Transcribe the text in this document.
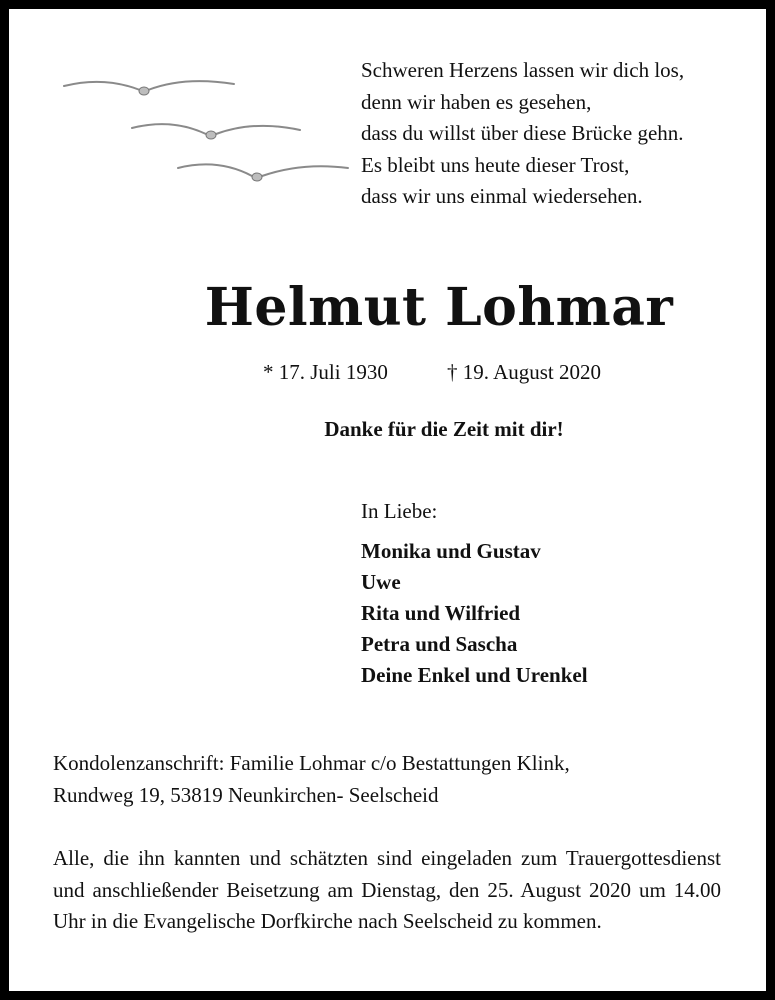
Schweren Herzens lassen wir dich los,
denn wir haben es gesehen,
dass du willst über diese Brücke gehn.
Es bleibt uns heute dieser Trost,
dass wir uns einmal wiedersehen.
Helmut Lohmar
* 17. Juli 1930	† 19. August 2020
Danke für die Zeit mit dir!
In Liebe:
Monika und Gustav
Uwe
Rita und Wilfried
Petra und Sascha
Deine Enkel und Urenkel
Kondolenzanschrift: Familie Lohmar c/o Bestattungen Klink,
Rundweg 19, 53819 Neunkirchen- Seelscheid
Alle, die ihn kannten und schätzten sind eingeladen zum Trauergottesdienst und anschließender Beisetzung am Dienstag, den 25. August 2020 um 14.00 Uhr in die Evangelische Dorfkirche nach Seelscheid zu kommen.
